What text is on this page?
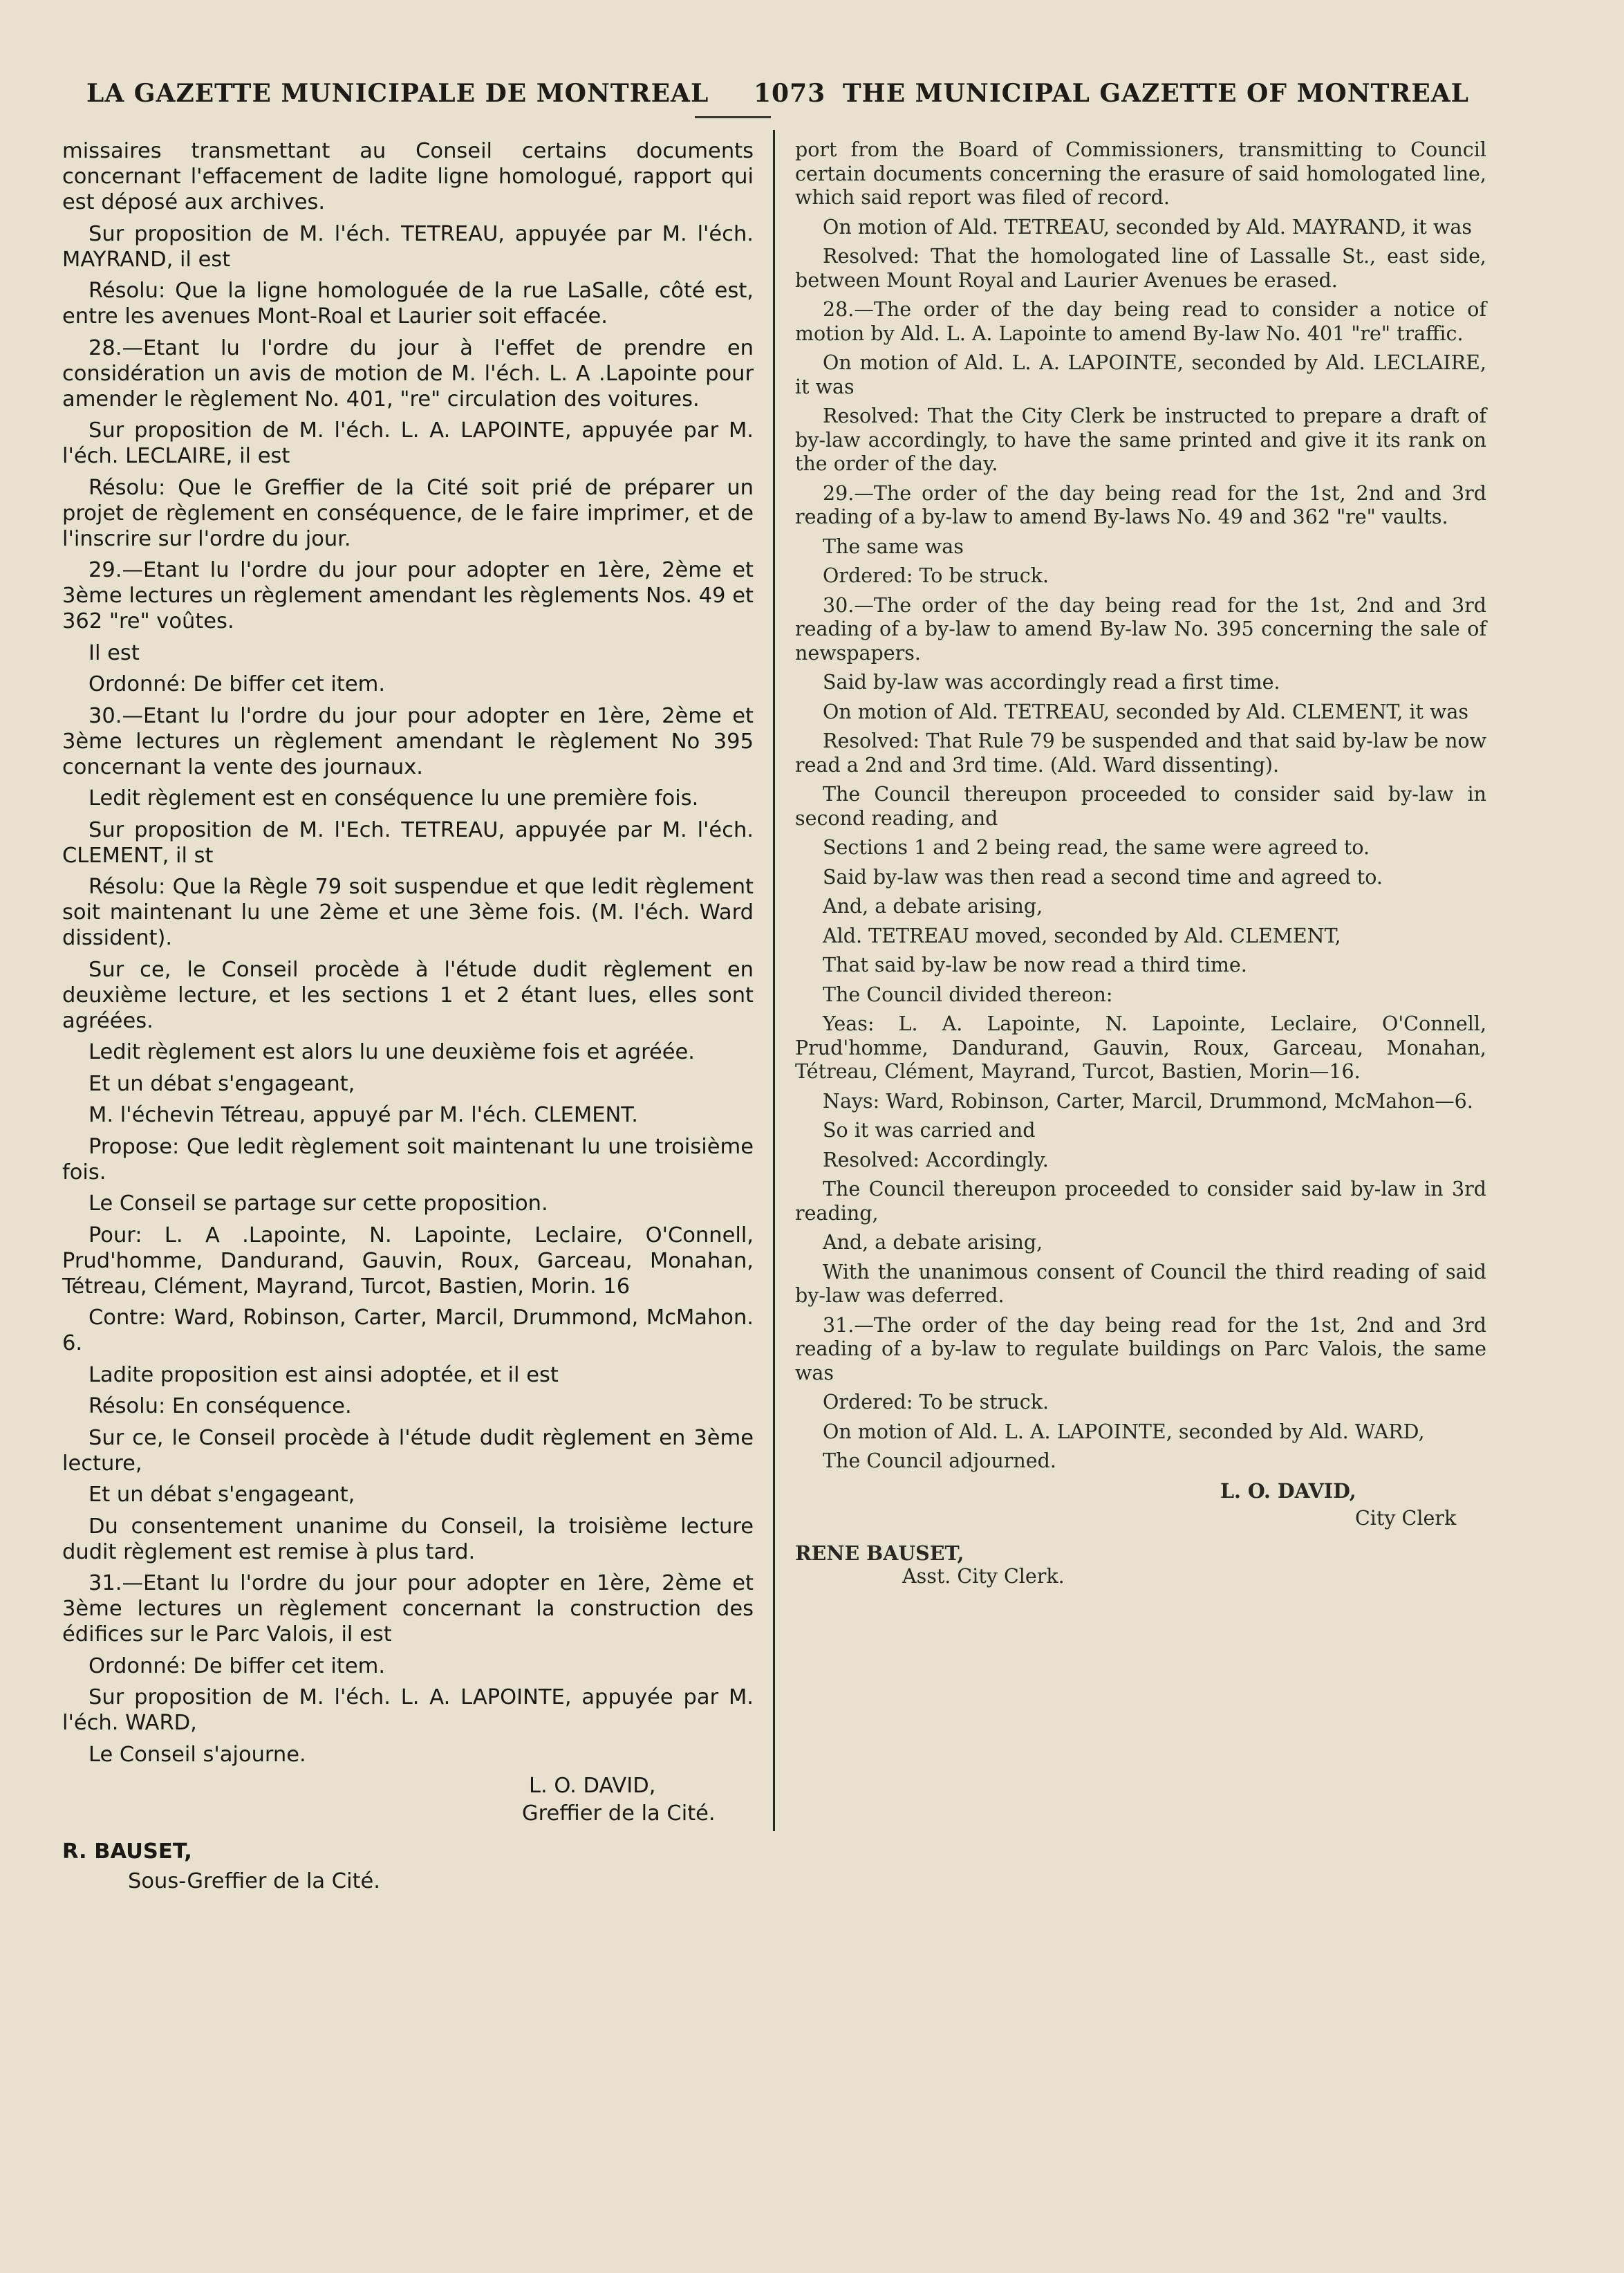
LA GAZETTE MUNICIPALE DE MONTREAL 1073 THE MUNICIPAL GAZETTE OF MONTREAL

missaires transmettant au Conseil certains documents concernant l'effacement de ladite ligne homologué, rapport qui est déposé aux archives.

Sur proposition de M. l'éch. TETREAU, appuyée par M. l'éch. MAYRAND, il est

Résolu: Que la ligne homologuée de la rue LaSalle, côté est, entre les avenues Mont-Roal et Laurier soit effacée.

28.—Etant lu l'ordre du jour à l'effet de prendre en considération un avis de motion de M. l'éch. L. A .Lapointe pour amender le règlement No. 401, "re" circulation des voitures.

Sur proposition de M. l'éch. L. A. LAPOINTE, appuyée par M. l'éch. LECLAIRE, il est

Résolu: Que le Greffier de la Cité soit prié de préparer un projet de règlement en conséquence, de le faire imprimer, et de l'inscrire sur l'ordre du jour.

29.—Etant lu l'ordre du jour pour adopter en 1ère, 2ème et 3ème lectures un règlement amendant les règlements Nos. 49 et 362 "re" voûtes.

Il est

Ordonné: De biffer cet item.

30.—Etant lu l'ordre du jour pour adopter en 1ère, 2ème et 3ème lectures un règlement amendant le règlement No 395 concernant la vente des journaux.

Ledit règlement est en conséquence lu une première fois.

Sur proposition de M. l'Ech. TETREAU, appuyée par M. l'éch. CLEMENT, il st

Résolu: Que la Règle 79 soit suspendue et que ledit règlement soit maintenant lu une 2ème et une 3ème fois. (M. l'éch. Ward dissident).

Sur ce, le Conseil procède à l'étude dudit règlement en deuxième lecture, et les sections 1 et 2 étant lues, elles sont agréées.

Ledit règlement est alors lu une deuxième fois et agréée.

Et un débat s'engageant,

M. l'échevin Tétreau, appuyé par M. l'éch. CLEMENT.

Propose: Que ledit règlement soit maintenant lu une troisième fois.

Le Conseil se partage sur cette proposition.

Pour: L. A .Lapointe, N. Lapointe, Leclaire, O'Connell, Prud'homme, Dandurand, Gauvin, Roux, Garceau, Monahan, Tétreau, Clément, Mayrand, Turcot, Bastien, Morin. 16

Contre: Ward, Robinson, Carter, Marcil, Drummond, McMahon. 6.

Ladite proposition est ainsi adoptée, et il est

Résolu: En conséquence.

Sur ce, le Conseil procède à l'étude dudit règlement en 3ème lecture,

Et un débat s'engageant,

Du consentement unanime du Conseil, la troisième lecture dudit règlement est remise à plus tard.

31.—Etant lu l'ordre du jour pour adopter en 1ère, 2ème et 3ème lectures un règlement concernant la construction des édifices sur le Parc Valois, il est

Ordonné: De biffer cet item.

Sur proposition de M. l'éch. L. A. LAPOINTE, appuyée par M. l'éch. WARD,

Le Conseil s'ajourne.

L. O. DAVID,
Greffier de la Cité.
R. BAUSET,
Sous-Greffier de la Cité.

port from the Board of Commissioners, transmitting to Council certain documents concerning the erasure of said homologated line, which said report was filed of record.

On motion of Ald. TETREAU, seconded by Ald. MAYRAND, it was

Resolved: That the homologated line of Lassalle St., east side, between Mount Royal and Laurier Avenues be erased.

28.—The order of the day being read to consider a notice of motion by Ald. L. A. Lapointe to amend By-law No. 401 "re" traffic.

On motion of Ald. L. A. LAPOINTE, seconded by Ald. LECLAIRE, it was

Resolved: That the City Clerk be instructed to prepare a draft of by-law accordingly, to have the same printed and give it its rank on the order of the day.

29.—The order of the day being read for the 1st, 2nd and 3rd reading of a by-law to amend By-laws No. 49 and 362 "re" vaults.

The same was

Ordered: To be struck.

30.—The order of the day being read for the 1st, 2nd and 3rd reading of a by-law to amend By-law No. 395 concerning the sale of newspapers.

Said by-law was accordingly read a first time.

On motion of Ald. TETREAU, seconded by Ald. CLEMENT, it was

Resolved: That Rule 79 be suspended and that said by-law be now read a 2nd and 3rd time. (Ald. Ward dissenting).

The Council thereupon proceeded to consider said by-law in second reading, and

Sections 1 and 2 being read, the same were agreed to.

Said by-law was then read a second time and agreed to.

And, a debate arising,

Ald. TETREAU moved, seconded by Ald. CLEMENT,

That said by-law be now read a third time.

The Council divided thereon:

Yeas: L. A. Lapointe, N. Lapointe, Leclaire, O'Connell, Prud'homme, Dandurand, Gauvin, Roux, Garceau, Monahan, Tétreau, Clément, Mayrand, Turcot, Bastien, Morin—16.

Nays: Ward, Robinson, Carter, Marcil, Drummond, McMahon—6.

So it was carried and

Resolved: Accordingly.

The Council thereupon proceeded to consider said by-law in 3rd reading,

And, a debate arising,

With the unanimous consent of Council the third reading of said by-law was deferred.

31.—The order of the day being read for the 1st, 2nd and 3rd reading of a by-law to regulate buildings on Parc Valois, the same was

Ordered: To be struck.

On motion of Ald. L. A. LAPOINTE, seconded by Ald. WARD,

The Council adjourned.

L. O. DAVID,
City Clerk
RENE BAUSET,
Asst. City Clerk.
